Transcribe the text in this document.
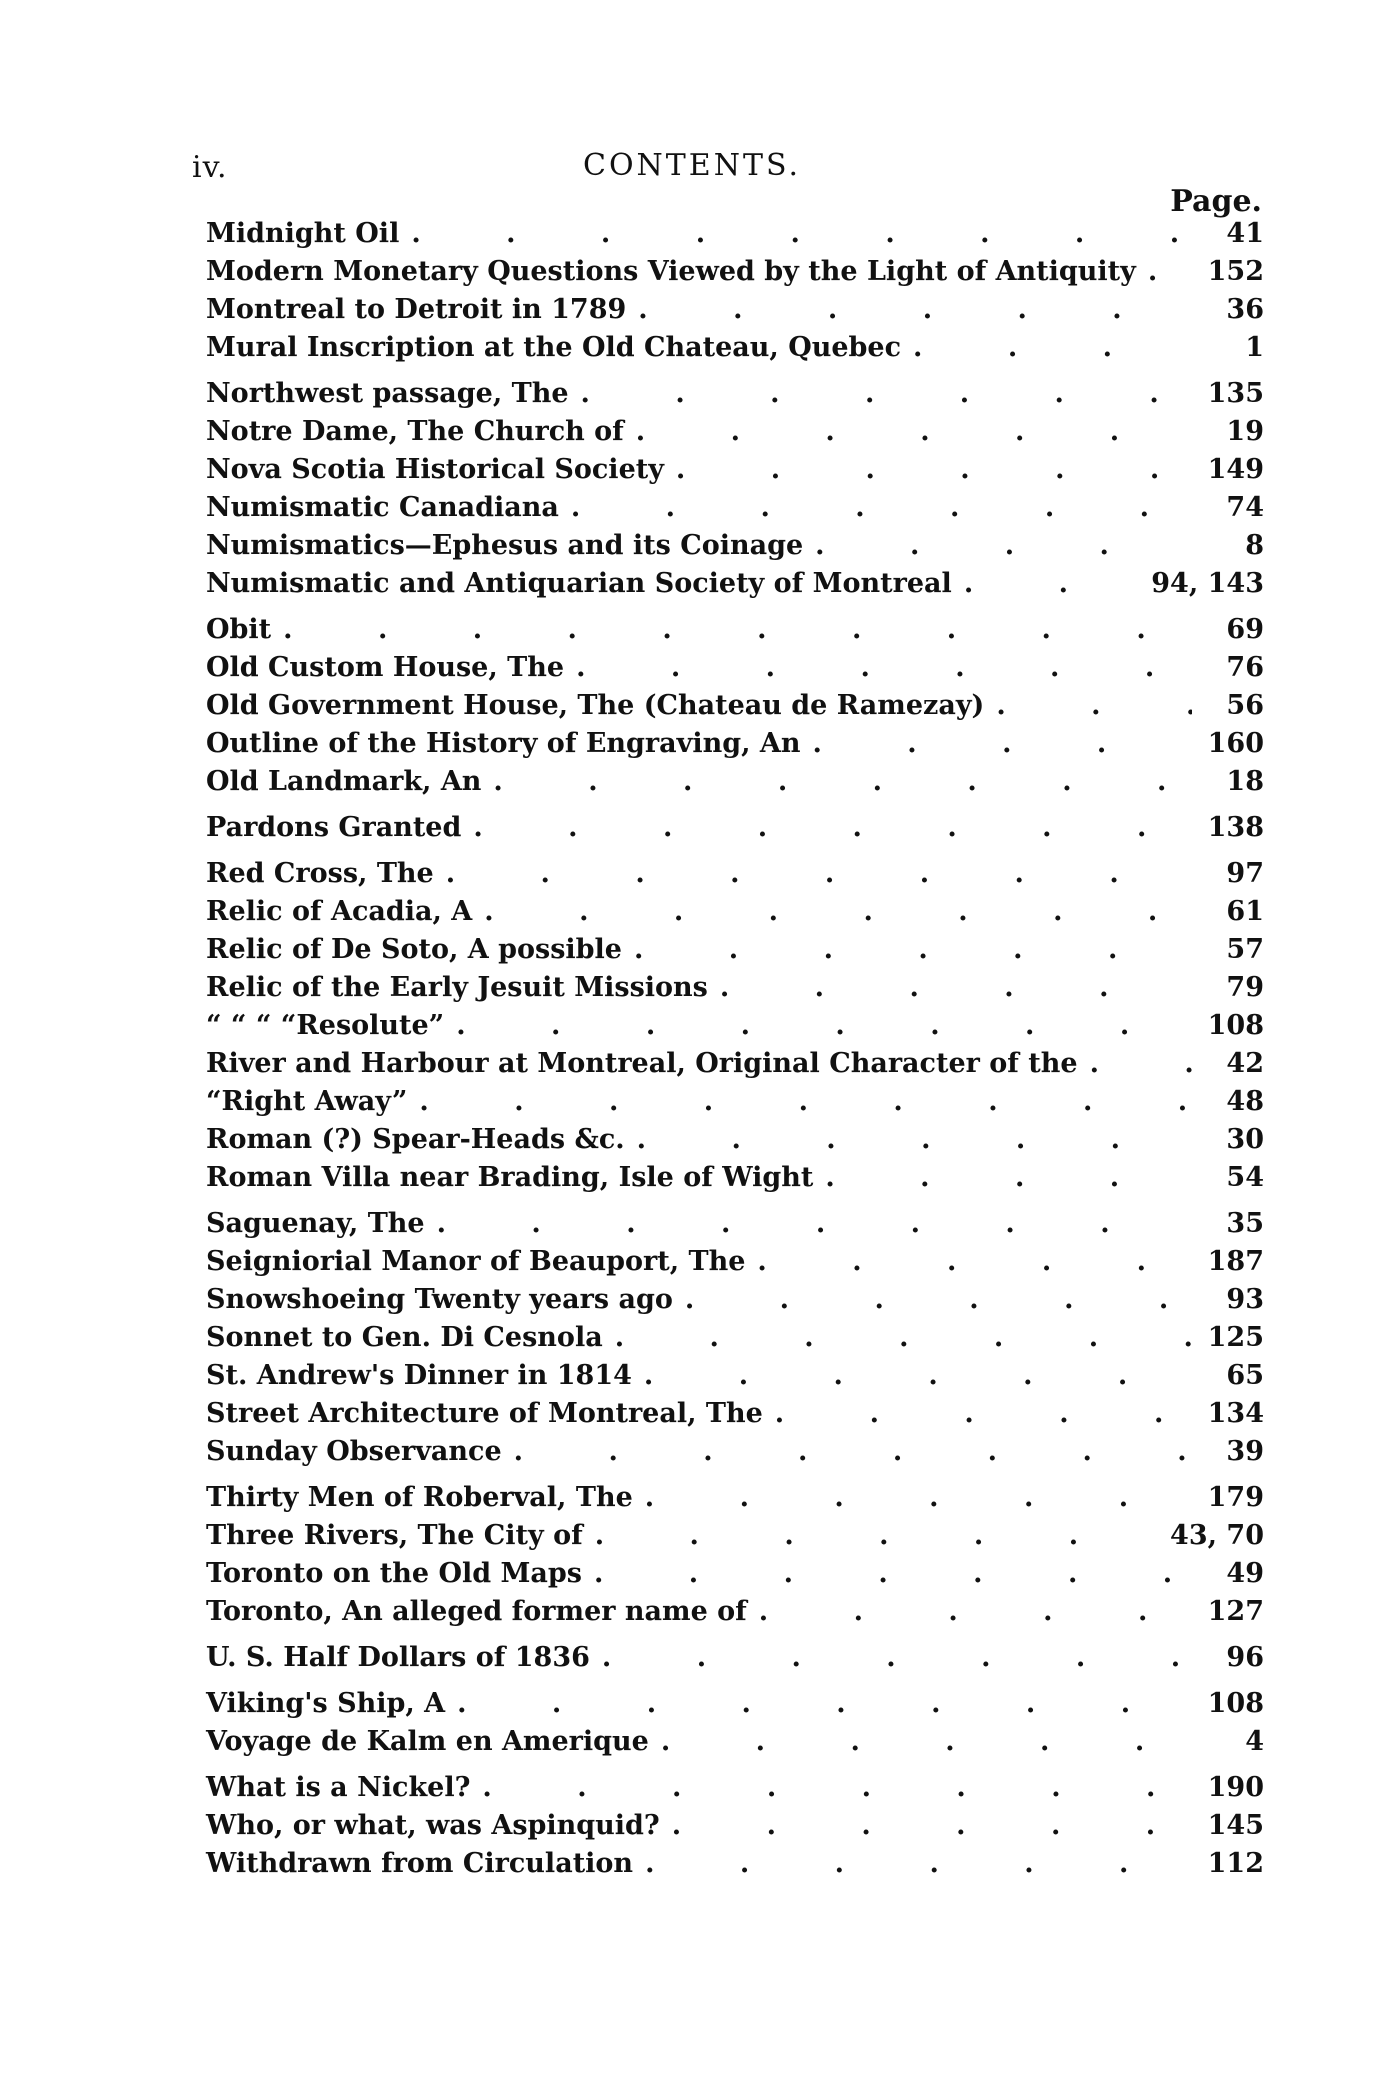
iv.	CONTENTS.
Page.
Midnight Oil . . .	41
Modern Monetary Questions Viewed by the Light of Antiquity . . .	152
Montreal to Detroit in 1789 . . .	36
Mural Inscription at the Old Chateau, Quebec . . .	1
Northwest passage, The . . .	135
Notre Dame, The Church of . . .	19
Nova Scotia Historical Society . . .	149
Numismatic Canadiana . . .	74
Numismatics—Ephesus and its Coinage . . .	8
Numismatic and Antiquarian Society of Montreal . . .	94, 143
Obit . . .	69
Old Custom House, The . . .	76
Old Government House, The (Chateau de Ramezay) . . .	56
Outline of the History of Engraving, An . . .	160
Old Landmark, An . . .	18
Pardons Granted . . .	138
Red Cross, The . . .	97
Relic of Acadia, A . . .	61
Relic of De Soto, A possible . . .	57
Relic of the Early Jesuit Missions . . .	79
“ “ “ “Resolute” . . .	108
River and Harbour at Montreal, Original Character of the . . .	42
“Right Away” . . .	48
Roman (?) Spear-Heads &c. . . .	30
Roman Villa near Brading, Isle of Wight . . .	54
Saguenay, The . . .	35
Seigniorial Manor of Beauport, The . . .	187
Snowshoeing Twenty years ago . . .	93
Sonnet to Gen. Di Cesnola . . .	125
St. Andrew's Dinner in 1814 . . .	65
Street Architecture of Montreal, The . . .	134
Sunday Observance . . .	39
Thirty Men of Roberval, The . . .	179
Three Rivers, The City of . . .	43, 70
Toronto on the Old Maps . . .	49
Toronto, An alleged former name of . . .	127
U. S. Half Dollars of 1836 . . .	96
Viking's Ship, A . . .	108
Voyage de Kalm en Amerique . . .	4
What is a Nickel? . . .	190
Who, or what, was Aspinquid? . . .	145
Withdrawn from Circulation . . .	112
